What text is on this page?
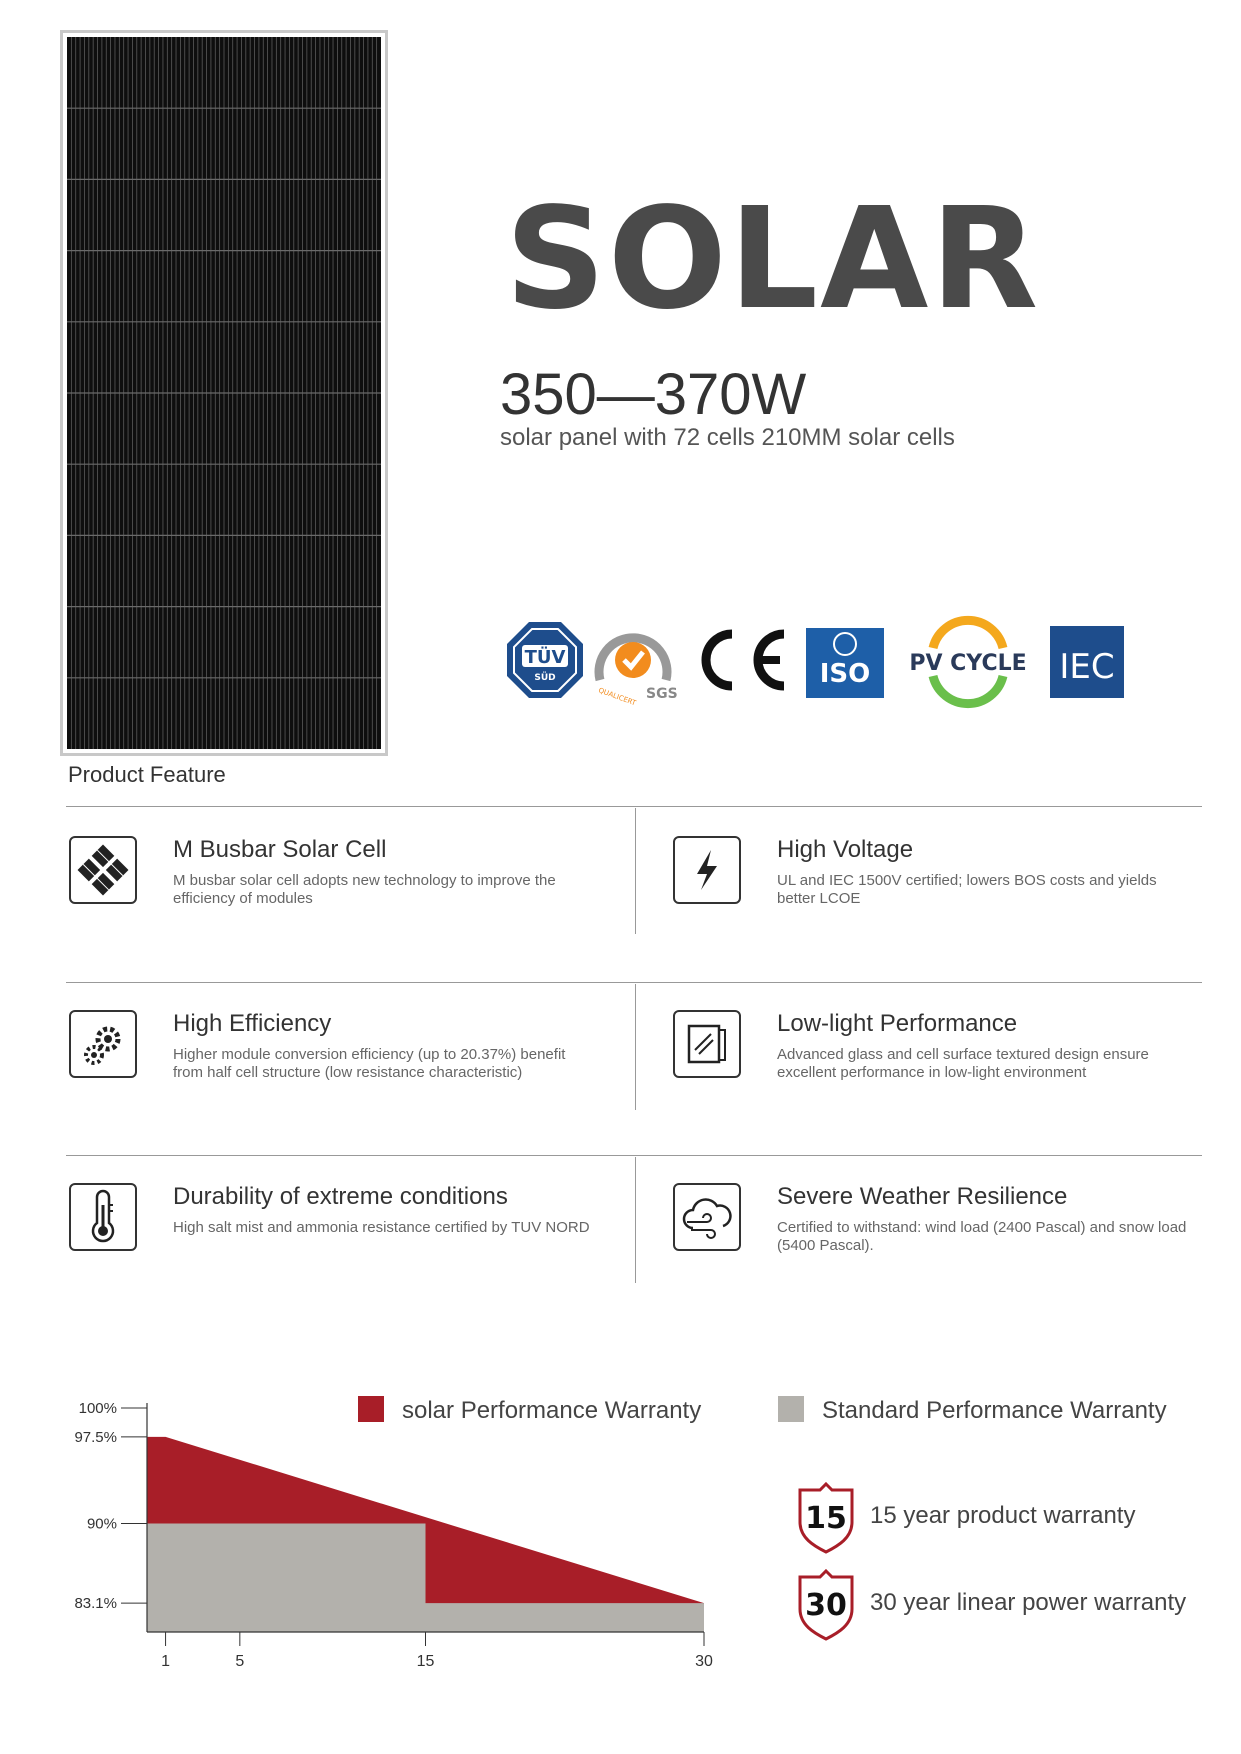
SOLAR
350—370W
solar panel with 72 cells 210MM solar cells
TÜV
SÜD
QUALICERT SGS
ISO PV CYCLE IEC
Product Feature
M Busbar Solar Cell
M busbar solar cell adopts new technology to improve the efficiency of modules
High Voltage
UL and IEC 1500V certified; lowers BOS costs and yields better LCOE
High Efficiency
Higher module conversion efficiency (up to 20.37%) benefit from half cell structure (low resistance characteristic)
Low-light Performance
Advanced glass and cell surface textured design ensure excellent performance in low-light environment
Durability of extreme conditions
High salt mist and ammonia resistance certified by TUV NORD
Severe Weather Resilience
Certified to withstand: wind load (2400 Pascal) and snow load (5400 Pascal).
100%
97.5%
90%
83.1%
1	5	15	30
solar Performance Warranty	Standard Performance Warranty
15 15 year product warranty
30 30 year linear power warranty
